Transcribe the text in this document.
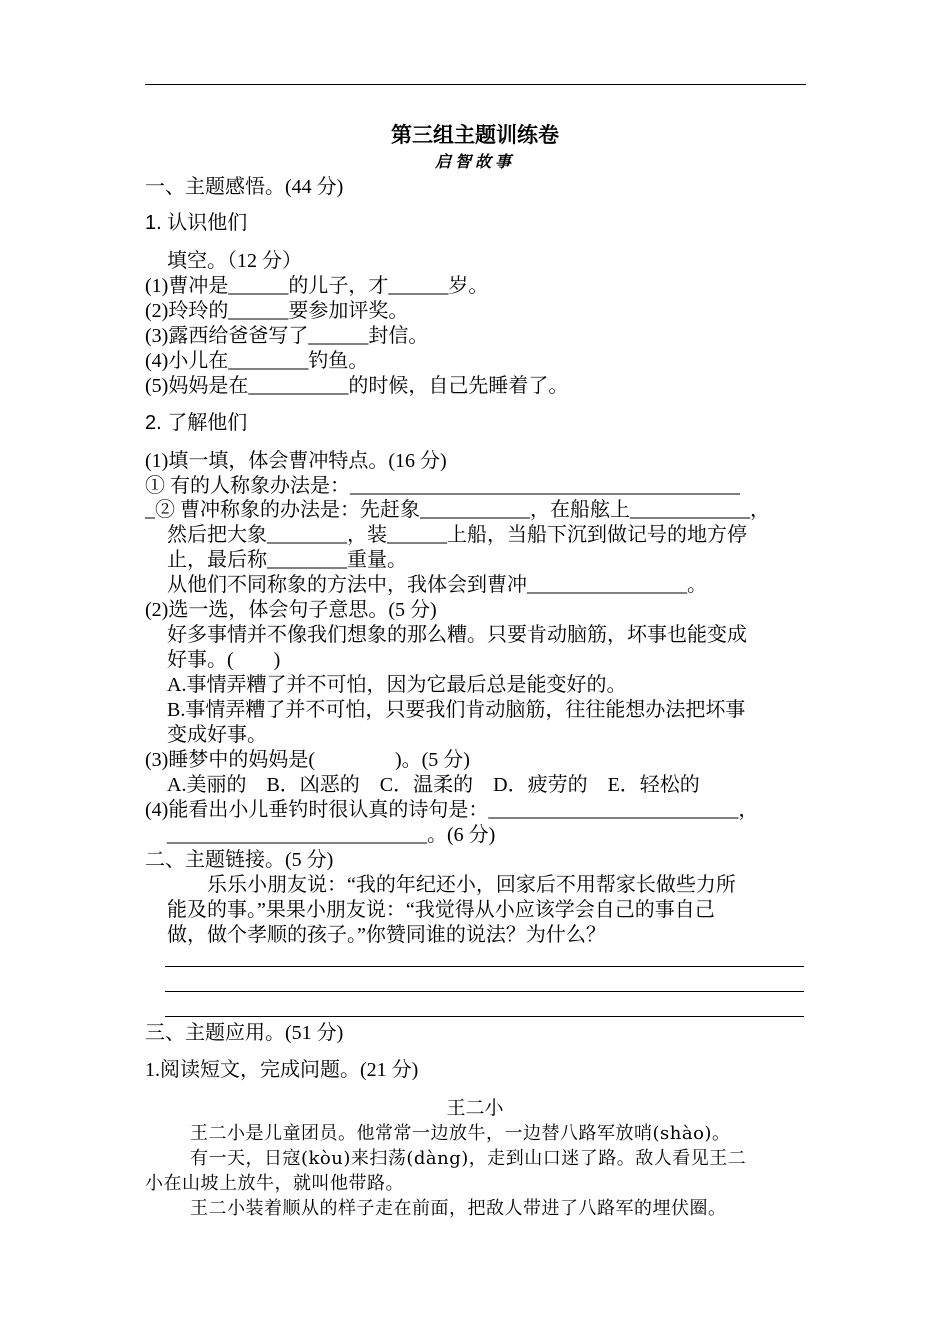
第三组主题训练卷
启智故事
一、主题感悟。(44 分)
1. 认识他们
填空。（12 分）
(1)曹冲是______的儿子，才______岁。
(2)玲玲的______要参加评奖。
(3)露西给爸爸写了______封信。
(4)小儿在________钓鱼。
(5)妈妈是在__________的时候，自己先睡着了。
2. 了解他们
(1)填一填，体会曹冲特点。(16 分)
① 有的人称象办法是：_______________________________________
_② 曹冲称象的办法是：先赶象___________，在船舷上____________，
然后把大象________，装______上船，当船下沉到做记号的地方停
止，最后称________重量。
从他们不同称象的方法中，我体会到曹冲________________。
(2)选一选，体会句子意思。(5 分)
好多事情并不像我们想象的那么糟。只要肯动脑筋，坏事也能变成
好事。(　　)
A.事情弄糟了并不可怕，因为它最后总是能变好的。
B.事情弄糟了并不可怕，只要我们肯动脑筋，往往能想办法把坏事
变成好事。
(3)睡梦中的妈妈是(　　　　)。(5 分)
A.美丽的　B．凶恶的　C．温柔的　D．疲劳的　E．轻松的
(4)能看出小儿垂钓时很认真的诗句是：_________________________，
__________________________。(6 分)
二、主题链接。(5 分)
乐乐小朋友说：“我的年纪还小，回家后不用帮家长做些力所
能及的事。”果果小朋友说：“我觉得从小应该学会自己的事自己
做，做个孝顺的孩子。”你赞同谁的说法？为什么？
三、主题应用。(51 分)
1.阅读短文，完成问题。(21 分)
王二小
王二小是儿童团员。他常常一边放牛，一边替八路军放哨(shào)。
有一天，日寇(kòu)来扫荡(dàng)，走到山口迷了路。敌人看见王二
小在山坡上放牛，就叫他带路。
王二小装着顺从的样子走在前面，把敌人带进了八路军的埋伏圈。
